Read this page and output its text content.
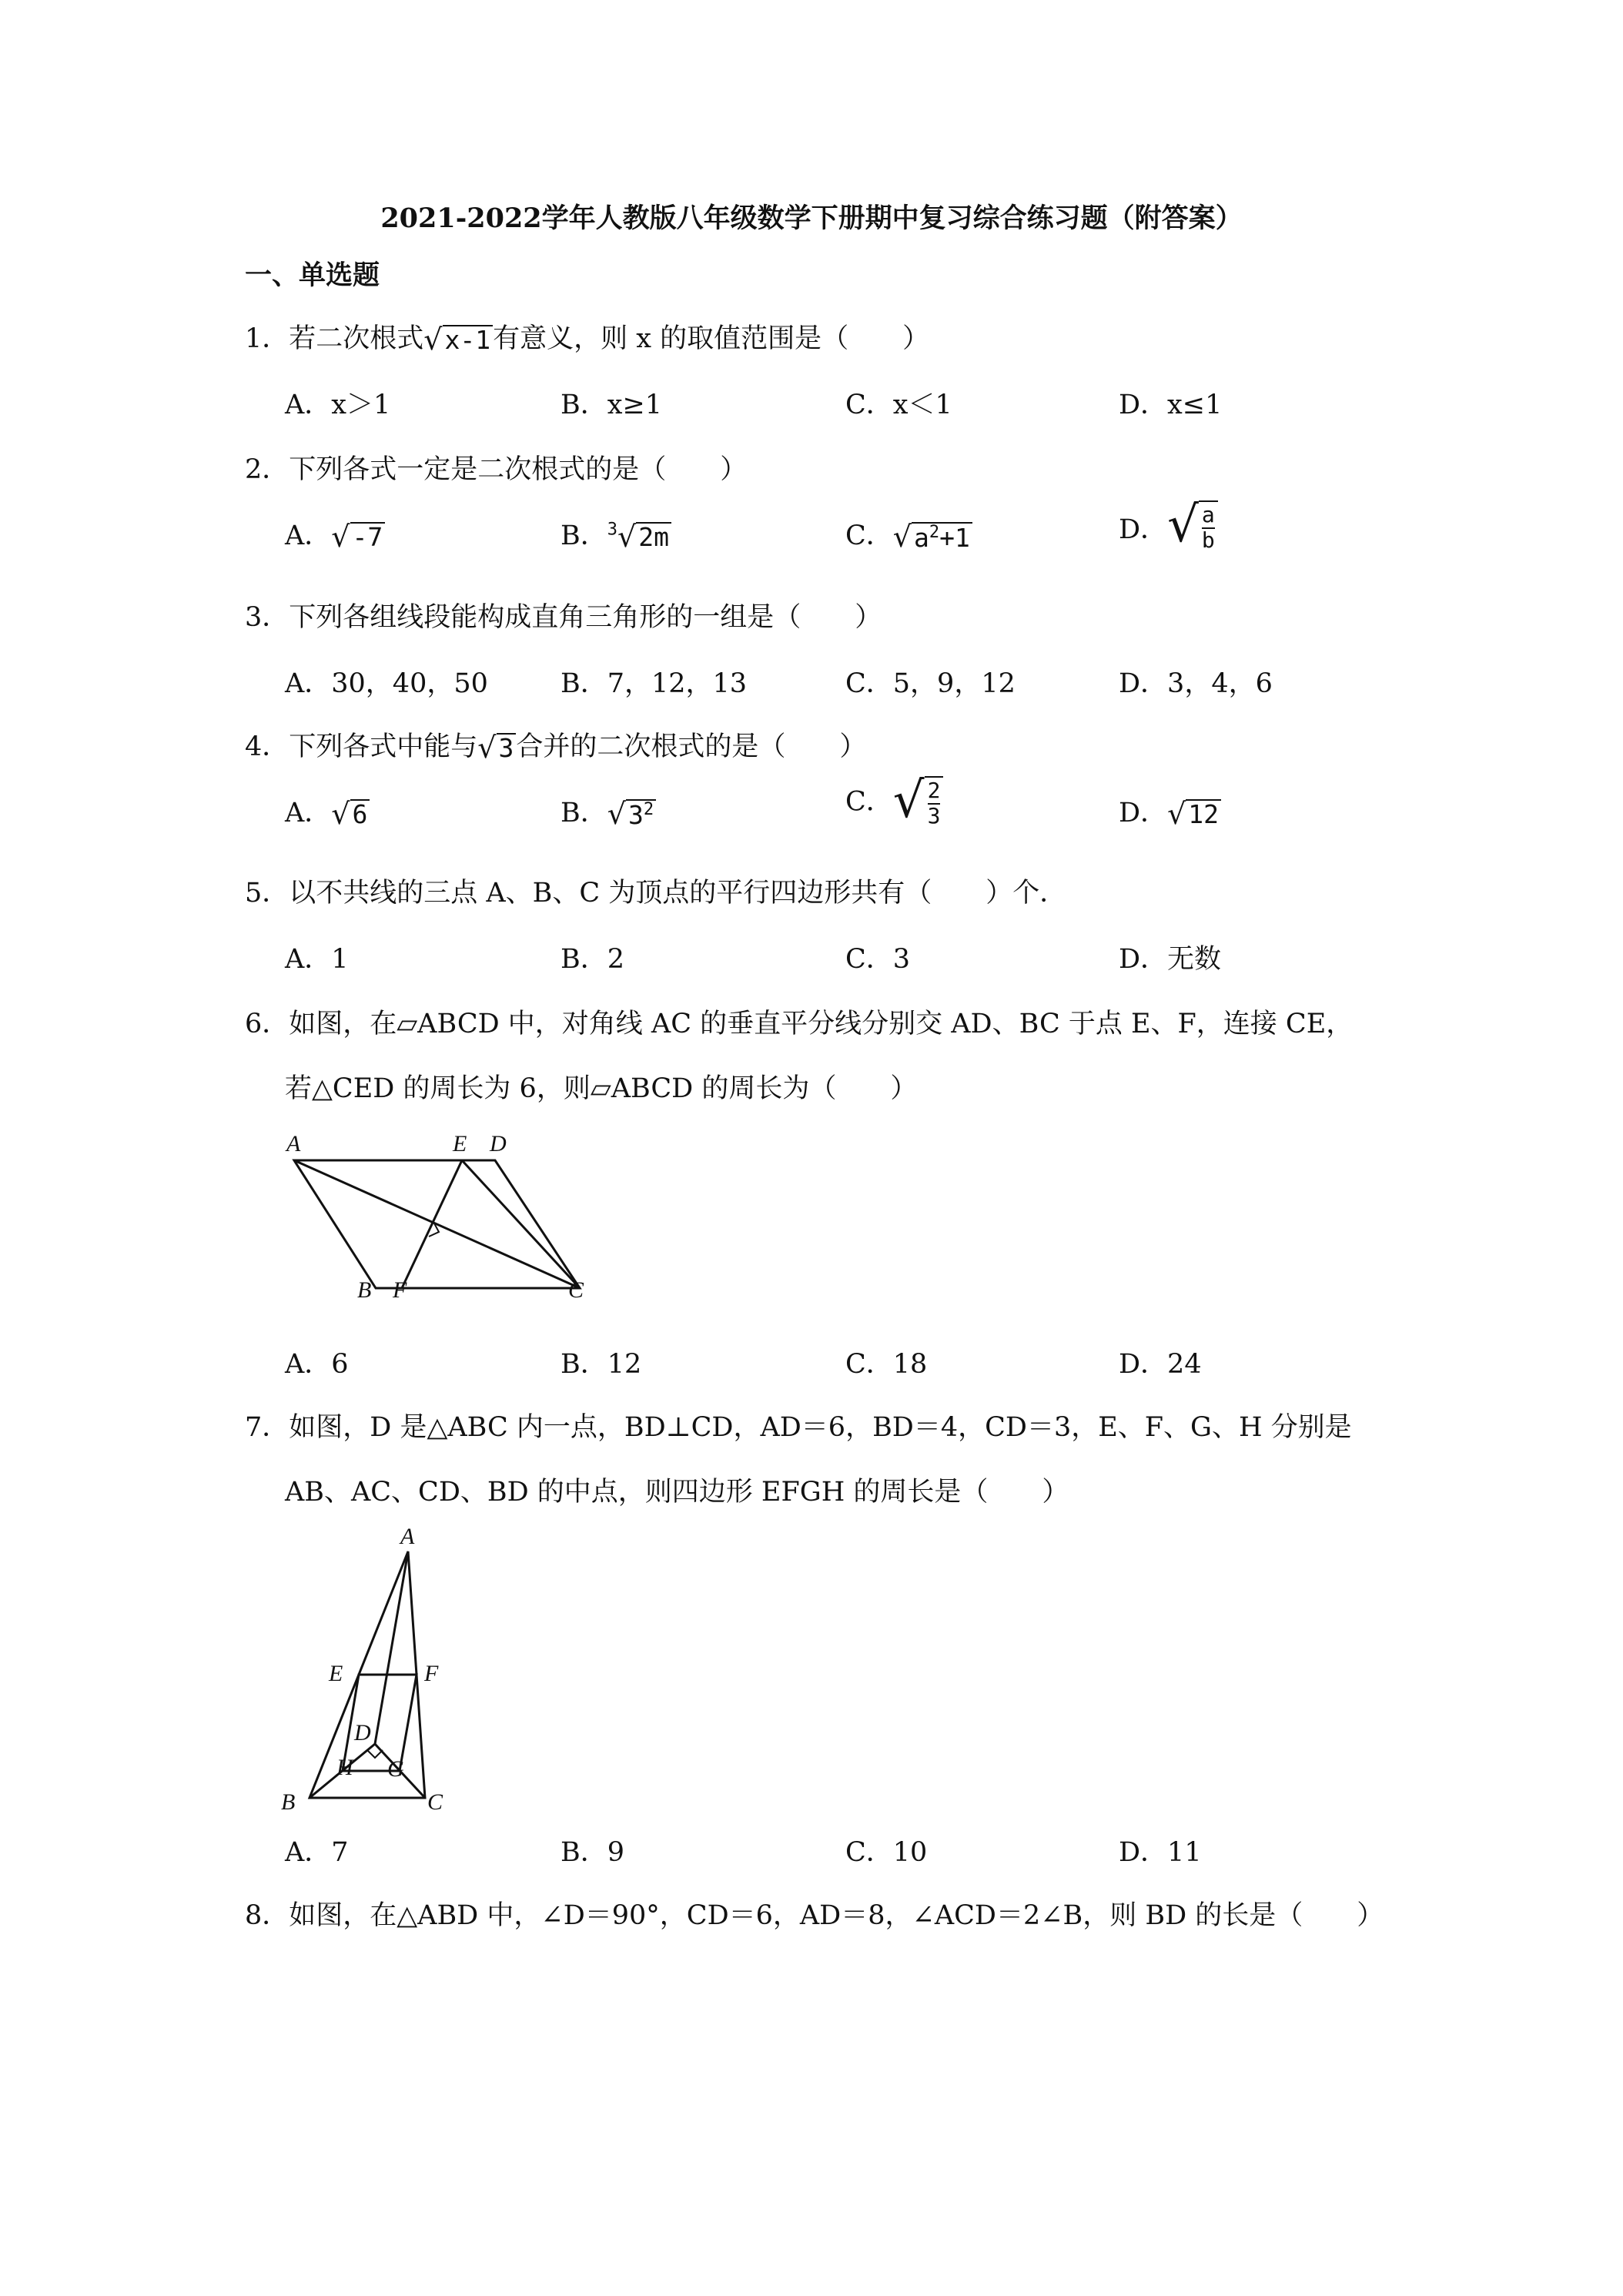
2021-2022学年人教版八年级数学下册期中复习综合练习题（附答案）
一、单选题
1．若二次根式 √ x-1 有意义，则 x 的取值范围是（　　）
A．x＞1	B．x≥1	C．x＜1	D．x≤1
2．下列各式一定是二次根式的是（　　）
A． √ -7	B．$^3$ √ 2m	C． √ $a^2+1$	D． √ $\frac{a}{b}$
3．下列各组线段能构成直角三角形的一组是（　　）
A．30，40，50	B．7，12，13	C．5，9，12	D．3，4，6
4．下列各式中能与 √ 3 合并的二次根式的是（　　）
A． √ 6	B． √ $3^2$	C． √ $\frac{2}{3}$	D． √ 12
5．以不共线的三点 A、B、C 为顶点的平行四边形共有（　　）个．
A．1	B．2	C．3	D．无数
6．如图，在▱ABCD 中，对角线 AC 的垂直平分线分别交 AD、BC 于点 E、F，连接 CE，
若△CED 的周长为 6，则▱ABCD 的周长为（　　）
A	E D
B F	C
A．6	B．12	C．18	D．24
7．如图，D 是△ABC 内一点，BD⊥CD，AD＝6，BD＝4，CD＝3，E、F、G、H 分别是
AB、AC、CD、BD 的中点，则四边形 EFGH 的周长是（　　）
A
E	F
D
H G
B	C
A．7	B．9	C．10	D．11
8．如图，在△ABD 中，∠D＝90°，CD＝6，AD＝8，∠ACD＝2∠B，则 BD 的长是（　　）
